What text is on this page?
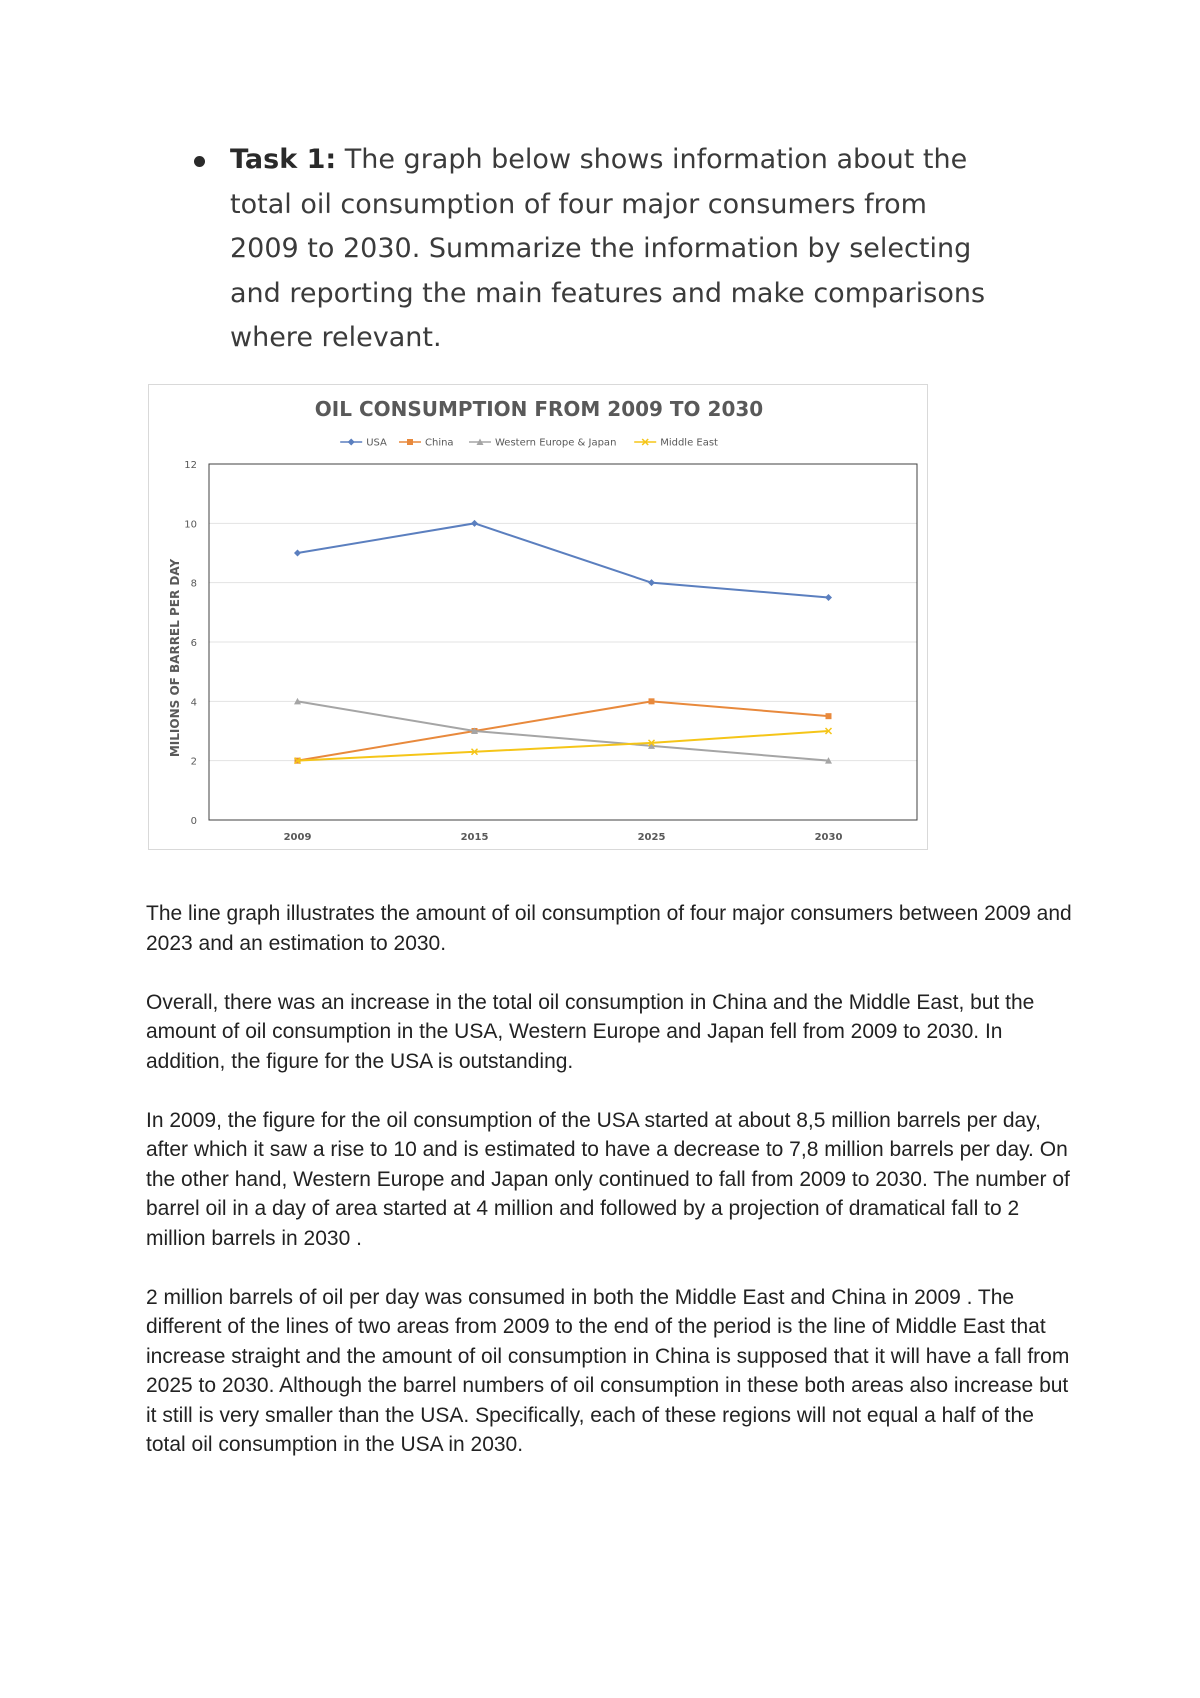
Task 1: The graph below shows information about the total oil consumption of four major consumers from 2009 to 2030. Summarize the information by selecting and reporting the main features and make comparisons where relevant.
OIL CONSUMPTION FROM 2009 TO 2030
USA	China	Western Europe & Japan	Middle East
0
2
4
6
8
10
12
2009	2015	2025	2030
MILIONS OF BARREL PER DAY

The line graph illustrates the amount of oil consumption of four major consumers between 2009 and 2023 and an estimation to 2030.

Overall, there was an increase in the total oil consumption in China and the Middle East, but the amount of oil consumption in the USA, Western Europe and Japan fell from 2009 to 2030. In addition, the figure for the USA is outstanding.

In 2009, the figure for the oil consumption of the USA started at about 8,5 million barrels per day, after which it saw a rise to 10 and is estimated to have a decrease to 7,8 million barrels per day. On the other hand, Western Europe and Japan only continued to fall from 2009 to 2030. The number of barrel oil in a day of area started at 4 million and followed by a projection of dramatical fall to 2 million barrels in 2030 .

2 million barrels of oil per day was consumed in both the Middle East and China in 2009 . The different of the lines of two areas from 2009 to the end of the period is the line of Middle East that increase straight and the amount of oil consumption in China is supposed that it will have a fall from 2025 to 2030. Although the barrel numbers of oil consumption in these both areas also increase but it still is very smaller than the USA. Specifically, each of these regions will not equal a half of the total oil consumption in the USA in 2030.
